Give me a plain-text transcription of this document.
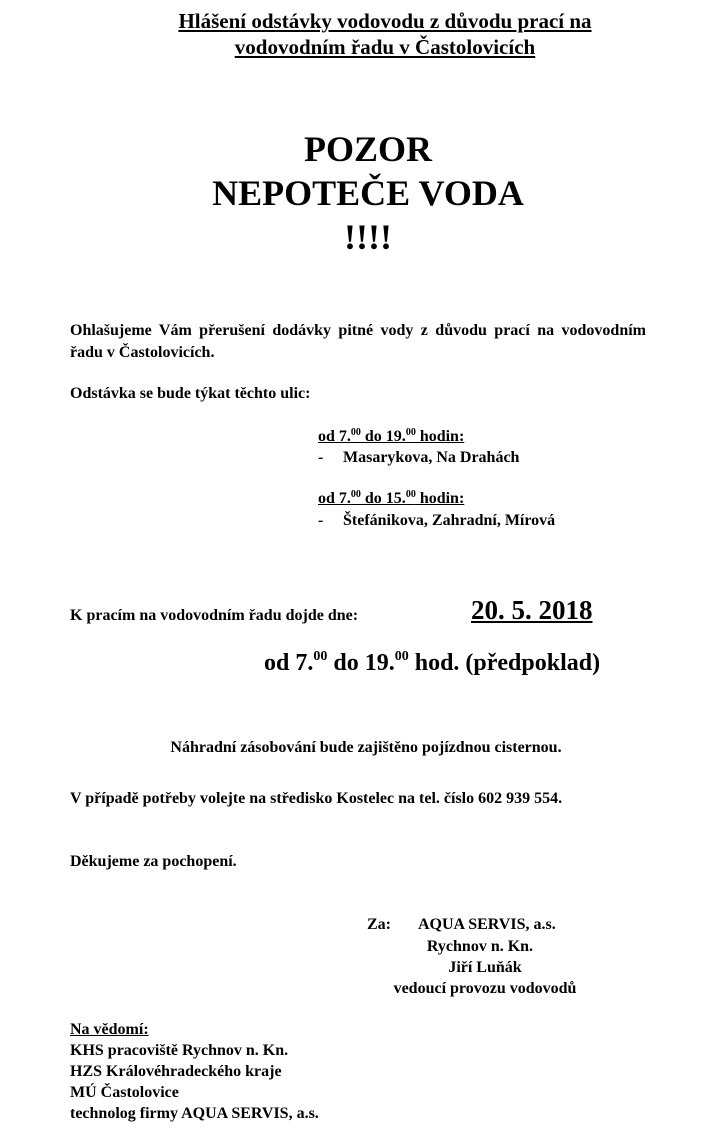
Hlášení odstávky vodovodu z důvodu prací na
vodovodním řadu v Častolovicích
POZOR
NEPOTEČE VODA
!!!!
Ohlašujeme Vám přerušení dodávky pitné vody z důvodu prací na vodovodním řadu v Častolovicích.
Odstávka se bude týkat těchto ulic:
od 7.00 do 19.00 hodin:
- Masarykova, Na Drahách
od 7.00 do 15.00 hodin:
- Štefánikova, Zahradní, Mírová
K pracím na vodovodním řadu dojde dne:	20. 5. 2018
od 7.00 do 19.00 hod. (předpoklad)
Náhradní zásobování bude zajištěno pojízdnou cisternou.
V případě potřeby volejte na středisko Kostelec na tel. číslo 602 939 554.
Děkujeme za pochopení.
Za: AQUA SERVIS, a.s.
Rychnov n. Kn.
Jiří Luňák
vedoucí provozu vodovodů
Na vědomí:
KHS pracoviště Rychnov n. Kn.
HZS Královéhradeckého kraje
MÚ Častolovice
technolog firmy AQUA SERVIS, a.s.
